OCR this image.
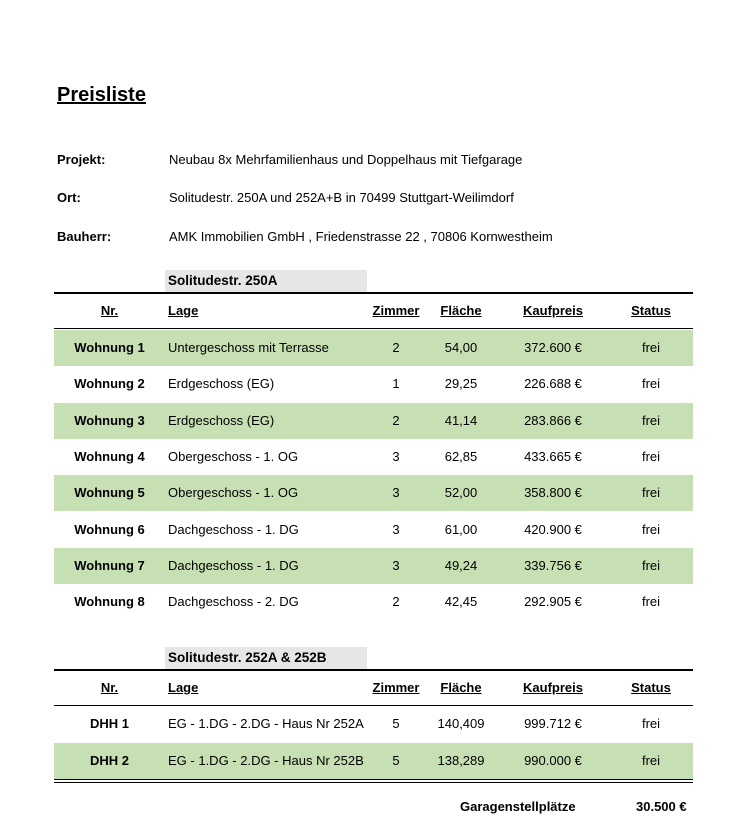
Preisliste
Projekt:	Neubau 8x Mehrfamilienhaus und Doppelhaus mit Tiefgarage
Ort:	Solitudestr. 250A und 252A+B in 70499 Stuttgart-Weilimdorf
Bauherr:	AMK Immobilien GmbH , Friedenstrasse 22 , 70806 Kornwestheim
Solitudestr. 250A
Nr.	Lage	Zimmer	Fläche	Kaufpreis	Status
Wohnung 1	Untergeschoss mit Terrasse	2	54,00	372.600 €	frei
Wohnung 2	Erdgeschoss (EG)	1	29,25	226.688 €	frei
Wohnung 3	Erdgeschoss (EG)	2	41,14	283.866 €	frei
Wohnung 4	Obergeschoss - 1. OG	3	62,85	433.665 €	frei
Wohnung 5	Obergeschoss - 1. OG	3	52,00	358.800 €	frei
Wohnung 6	Dachgeschoss - 1. DG	3	61,00	420.900 €	frei
Wohnung 7	Dachgeschoss - 1. DG	3	49,24	339.756 €	frei
Wohnung 8	Dachgeschoss - 2. DG	2	42,45	292.905 €	frei
Solitudestr. 252A & 252B
Nr.	Lage	Zimmer	Fläche	Kaufpreis	Status
DHH 1	EG - 1.DG - 2.DG - Haus Nr 252A	5	140,409	999.712 €	frei
DHH 2	EG - 1.DG - 2.DG - Haus Nr 252B	5	138,289	990.000 €	frei
Garagenstellplätze	30.500 €
